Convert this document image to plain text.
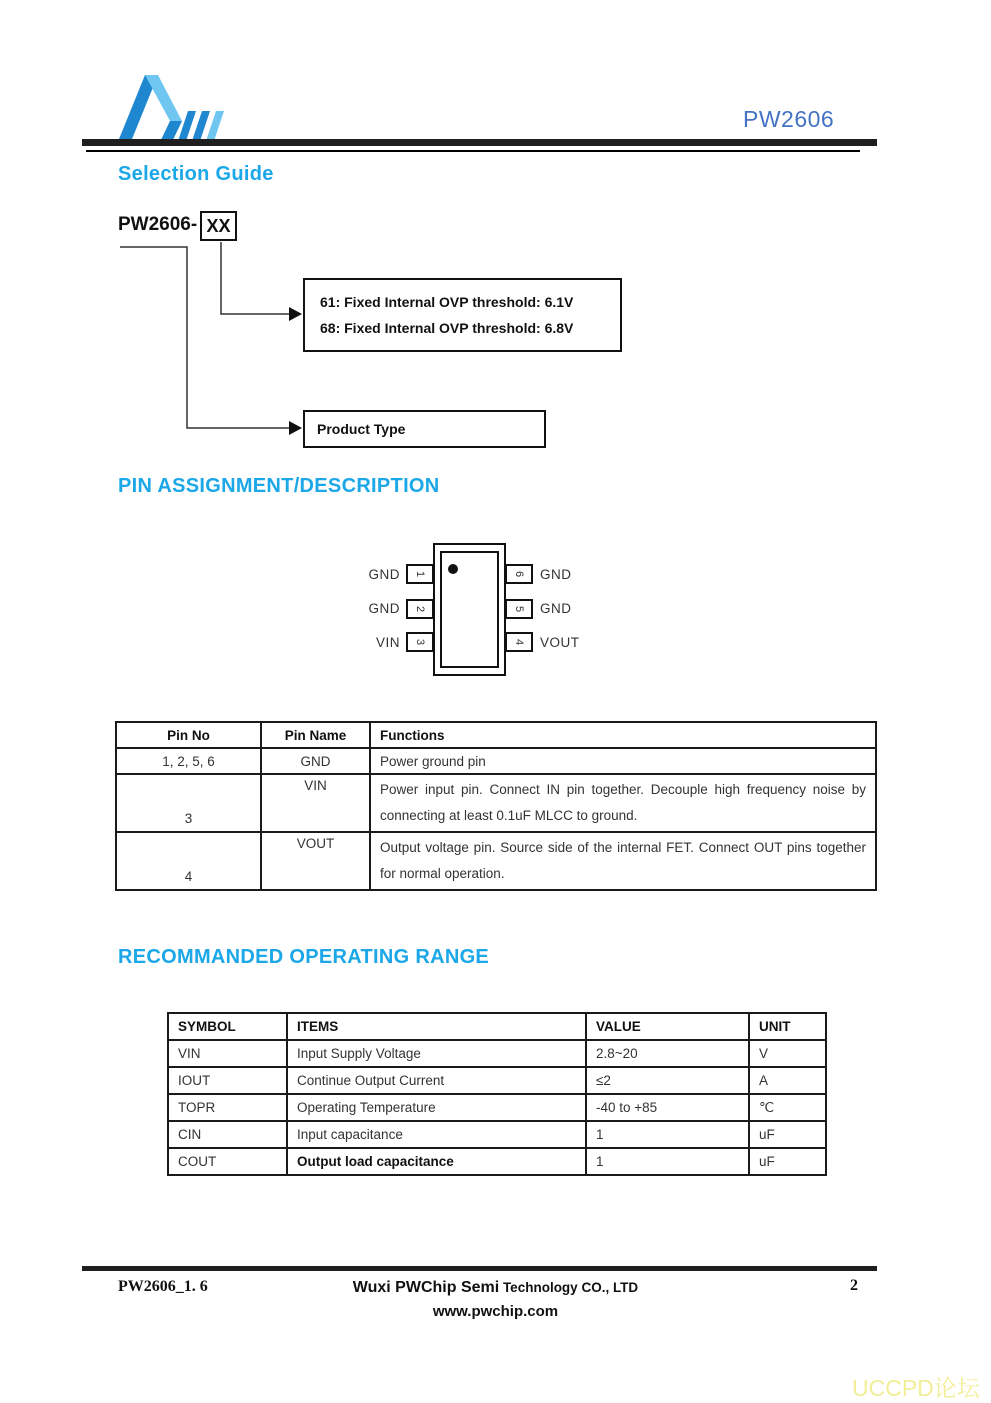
PW2606
Selection Guide
PW2606- XX
61: Fixed Internal OVP threshold: 6.1V
68: Fixed Internal OVP threshold: 6.8V
Product Type
PIN ASSIGNMENT/DESCRIPTION
1
2
3
6
5
4
GND
GND
VIN
GND
GND
VOUT
Pin No	Pin Name	Functions
1, 2, 5, 6	GND	Power ground pin
3	VIN	Power input pin. Connect IN pin together. Decouple high frequency noise by connecting at least 0.1uF MLCC to ground.
4	VOUT	Output voltage pin. Source side of the internal FET. Connect OUT pins together for normal operation.
RECOMMANDED OPERATING RANGE
SYMBOL	ITEMS	VALUE	UNIT
VIN	Input Supply Voltage	2.8~20	V
IOUT	Continue Output Current	≤2	A
TOPR	Operating Temperature	-40 to +85	℃
CIN	Input capacitance	1	uF
COUT	Output load capacitance	1	uF
PW2606_1. 6	Wuxi PWChip Semi Technology CO., LTD	2
www.pwchip.com
UCCPD论坛
